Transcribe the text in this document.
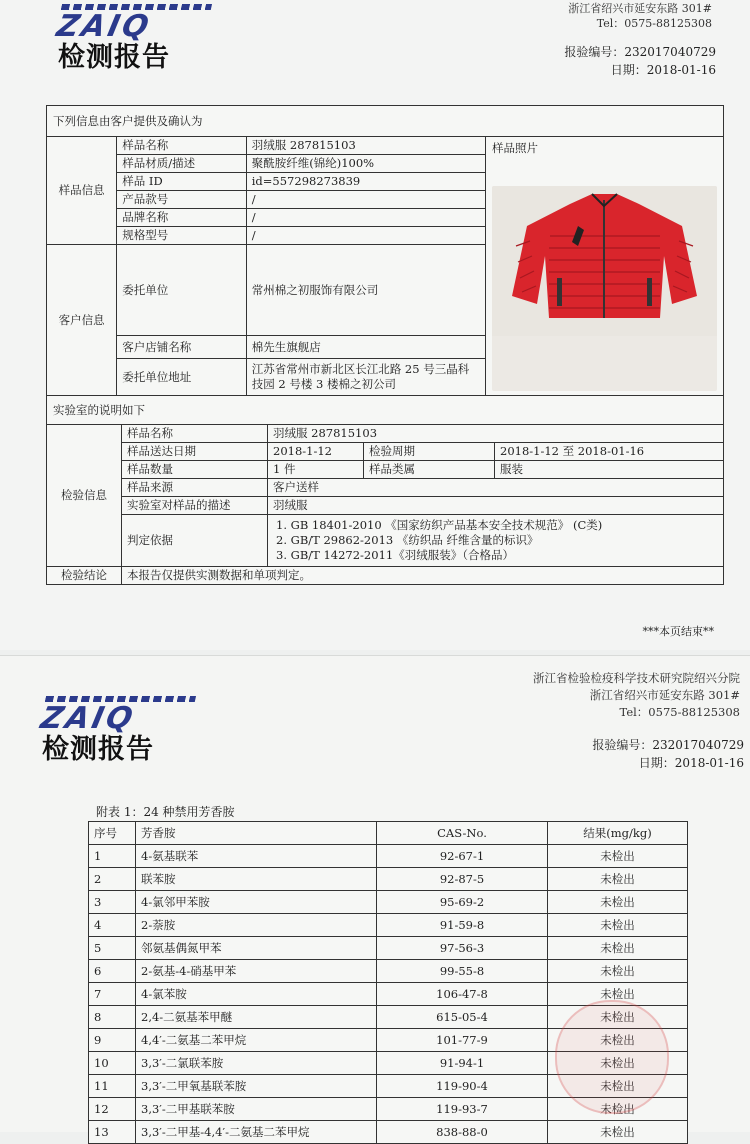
ZAIQ
检测报告
浙江省绍兴市延安东路 301#
Tel：0575-88125308
报验编号：232017040729
日期：2018-01-16
下列信息由客户提供及确认为			
样品信息	样品名称	羽绒服 287815103	样品照片

	样品材质/描述	聚酰胺纤维(锦纶)100%	
	样品 ID	id=557298273839	
	产品款号	/	
	品牌名称	/	
	规格型号	/	
客户信息	委托单位	常州棉之初服饰有限公司	
	客户店铺名称	棉先生旗舰店	
	委托单位地址	江苏省常州市新北区长江北路 25 号三晶科技园 2 号楼 3 楼棉之初公司	
实验室的说明如下			
检验信息	样品名称	羽绒服 287815103		
	样品送达日期	2018-1-12	检验周期	2018-1-12 至 2018-01-16
	样品数量	1 件	样品类属	服装
	样品来源	客户送样		
	实验室对样品的描述	羽绒服		
	判定依据	1. GB 18401-2010 《国家纺织产品基本安全技术规范》 (C类)
2. GB/T 29862-2013 《纺织品 纤维含量的标识》
3. GB/T 14272-2011《羽绒服装》（合格品）		

检验结论	本报告仅提供实测数据和单项判定。			
***本页结束**
浙江省检验检疫科学技术研究院绍兴分院
浙江省绍兴市延安东路 301#
Tel：0575-88125308
ZAIQ
检测报告	报验编号：232017040729
日期：2018-01-16
附表 1：24 种禁用芳香胺
序号	芳香胺	CAS-No.	结果(mg/kg)
1	4-氨基联苯	92-67-1	未检出
2	联苯胺	92-87-5	未检出
3	4-氯邻甲苯胺	95-69-2	未检出
4	2-萘胺	91-59-8	未检出
5	邻氨基偶氮甲苯	97-56-3	未检出
6	2-氨基-4-硝基甲苯	99-55-8	未检出
7	4-氯苯胺	106-47-8	未检出
8	2,4-二氨基苯甲醚	615-05-4	未检出
9	4,4′-二氨基二苯甲烷	101-77-9	未检出
10	3,3′-二氯联苯胺	91-94-1	未检出
11	3,3′-二甲氧基联苯胺	119-90-4	未检出
12	3,3′-二甲基联苯胺	119-93-7	未检出
13	3,3′-二甲基-4,4′-二氨基二苯甲烷	838-88-0	未检出
